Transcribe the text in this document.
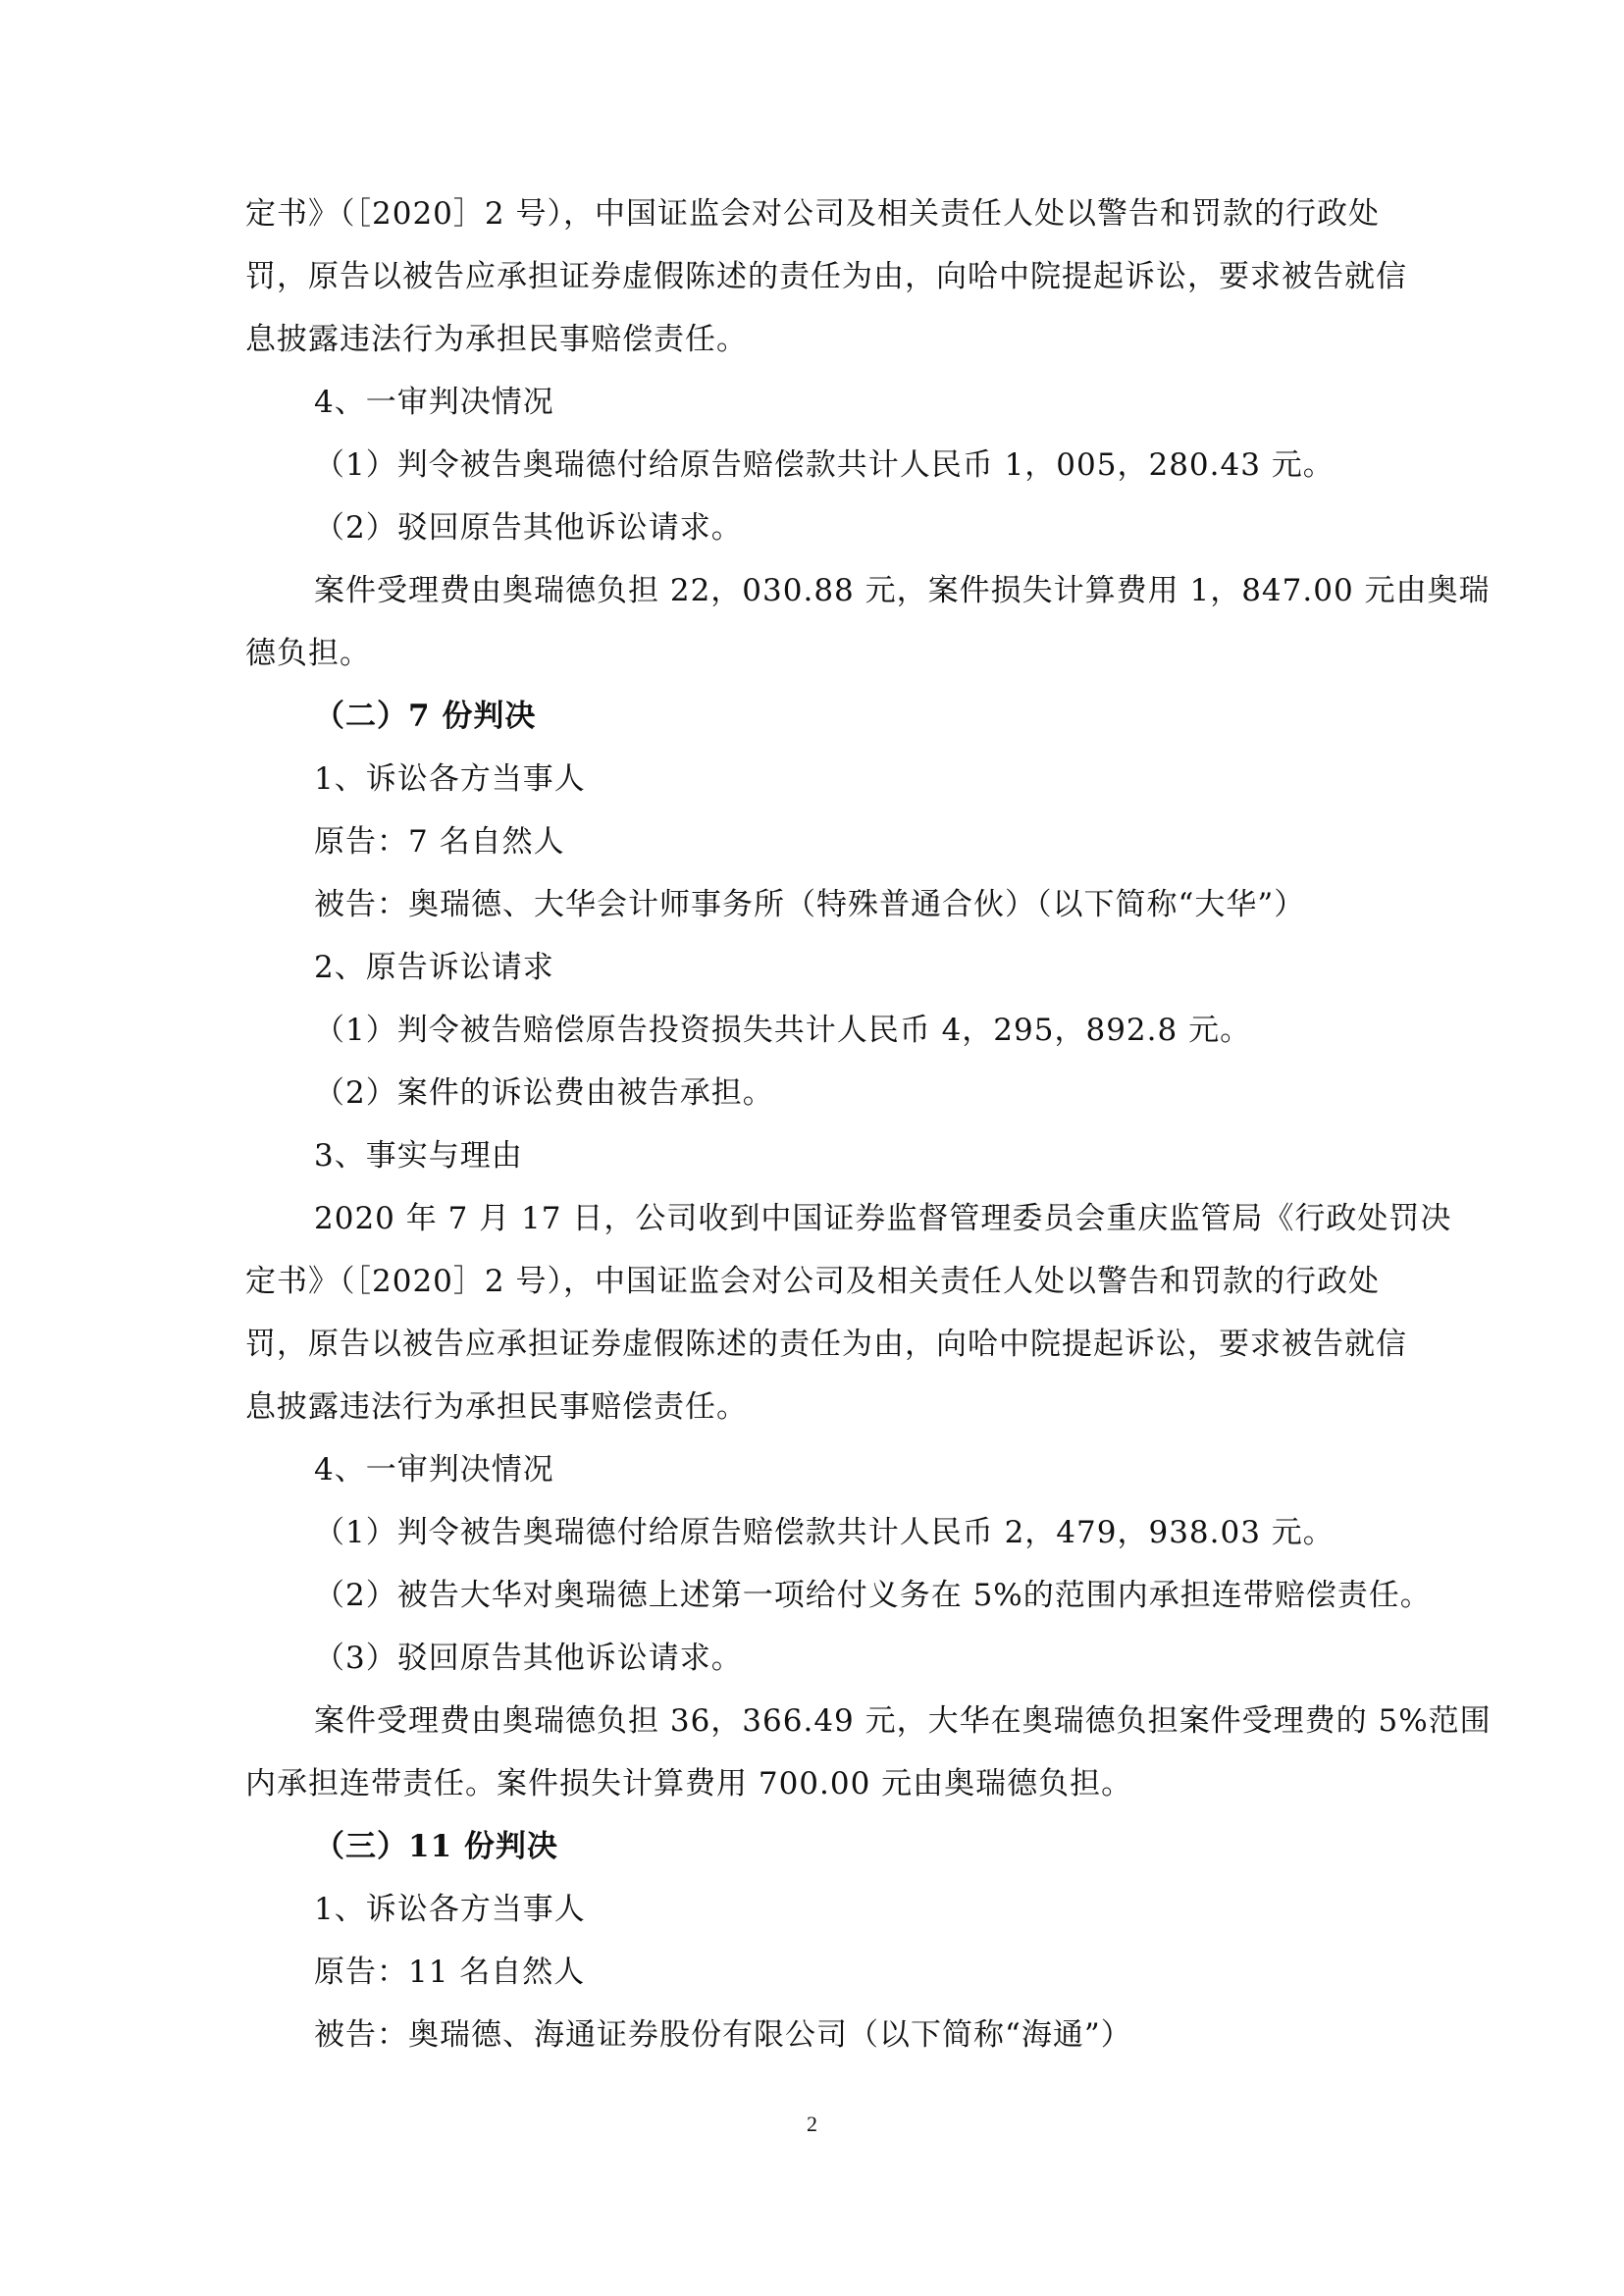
定书》（［2020］2 号），中国证监会对公司及相关责任人处以警告和罚款的行政处
罚，原告以被告应承担证券虚假陈述的责任为由，向哈中院提起诉讼，要求被告就信
息披露违法行为承担民事赔偿责任。
4、一审判决情况
（1）判令被告奥瑞德付给原告赔偿款共计人民币 1，005，280.43 元。
（2）驳回原告其他诉讼请求。
案件受理费由奥瑞德负担 22，030.88 元，案件损失计算费用 1，847.00 元由奥瑞
德负担。
（二）7 份判决
1、诉讼各方当事人
原告：7 名自然人
被告：奥瑞德、大华会计师事务所（特殊普通合伙）（以下简称“大华”）
2、原告诉讼请求
（1）判令被告赔偿原告投资损失共计人民币 4，295，892.8 元。
（2）案件的诉讼费由被告承担。
3、事实与理由
2020 年 7 月 17 日，公司收到中国证券监督管理委员会重庆监管局《行政处罚决
定书》（［2020］2 号），中国证监会对公司及相关责任人处以警告和罚款的行政处
罚，原告以被告应承担证券虚假陈述的责任为由，向哈中院提起诉讼，要求被告就信
息披露违法行为承担民事赔偿责任。
4、一审判决情况
（1）判令被告奥瑞德付给原告赔偿款共计人民币 2，479，938.03 元。
（2）被告大华对奥瑞德上述第一项给付义务在 5%的范围内承担连带赔偿责任。
（3）驳回原告其他诉讼请求。
案件受理费由奥瑞德负担 36，366.49 元，大华在奥瑞德负担案件受理费的 5%范围
内承担连带责任。案件损失计算费用 700.00 元由奥瑞德负担。
（三）11 份判决
1、诉讼各方当事人
原告：11 名自然人
被告：奥瑞德、海通证券股份有限公司（以下简称“海通”）
2
